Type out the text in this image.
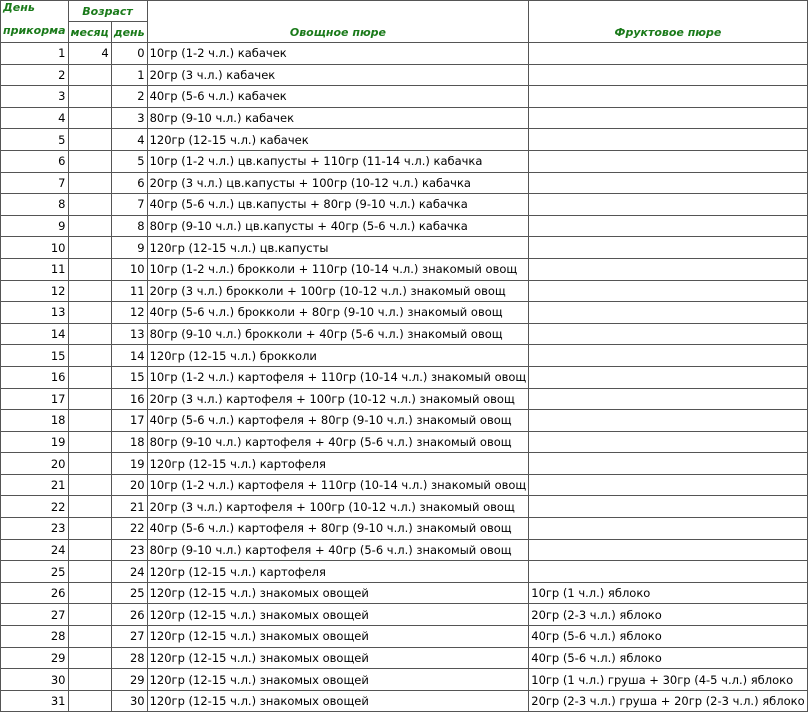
День
прикорма	Возраст		Овощное пюре	Фруктовое пюре
	месяц	день		
1	4	0	10гр (1-2 ч.л.) кабачек	
2		1	20гр (3 ч.л.) кабачек	
3		2	40гр (5-6 ч.л.) кабачек	
4		3	80гр (9-10 ч.л.) кабачек	
5		4	120гр (12-15 ч.л.) кабачек	
6		5	10гр (1-2 ч.л.) цв.капусты + 110гр (11-14 ч.л.) кабачка	
7		6	20гр (3 ч.л.) цв.капусты + 100гр (10-12 ч.л.) кабачка	
8		7	40гр (5-6 ч.л.) цв.капусты + 80гр (9-10 ч.л.) кабачка	
9		8	80гр (9-10 ч.л.) цв.капусты + 40гр (5-6 ч.л.) кабачка	
10		9	120гр (12-15 ч.л.) цв.капусты	
11		10	10гр (1-2 ч.л.) брокколи + 110гр (10-14 ч.л.) знакомый овощ	
12		11	20гр (3 ч.л.) брокколи + 100гр (10-12 ч.л.) знакомый овощ	
13		12	40гр (5-6 ч.л.) брокколи + 80гр (9-10 ч.л.) знакомый овощ	
14		13	80гр (9-10 ч.л.) брокколи + 40гр (5-6 ч.л.) знакомый овощ	
15		14	120гр (12-15 ч.л.) брокколи	
16		15	10гр (1-2 ч.л.) картофеля + 110гр (10-14 ч.л.) знакомый овощ	
17		16	20гр (3 ч.л.) картофеля + 100гр (10-12 ч.л.) знакомый овощ	
18		17	40гр (5-6 ч.л.) картофеля + 80гр (9-10 ч.л.) знакомый овощ	
19		18	80гр (9-10 ч.л.) картофеля + 40гр (5-6 ч.л.) знакомый овощ	
20		19	120гр (12-15 ч.л.) картофеля	
21		20	10гр (1-2 ч.л.) картофеля + 110гр (10-14 ч.л.) знакомый овощ	
22		21	20гр (3 ч.л.) картофеля + 100гр (10-12 ч.л.) знакомый овощ	
23		22	40гр (5-6 ч.л.) картофеля + 80гр (9-10 ч.л.) знакомый овощ	
24		23	80гр (9-10 ч.л.) картофеля + 40гр (5-6 ч.л.) знакомый овощ	
25		24	120гр (12-15 ч.л.) картофеля	
26		25	120гр (12-15 ч.л.) знакомых овощей	10гр (1 ч.л.) яблоко
27		26	120гр (12-15 ч.л.) знакомых овощей	20гр (2-3 ч.л.) яблоко
28		27	120гр (12-15 ч.л.) знакомых овощей	40гр (5-6 ч.л.) яблоко
29		28	120гр (12-15 ч.л.) знакомых овощей	40гр (5-6 ч.л.) яблоко
30		29	120гр (12-15 ч.л.) знакомых овощей	10гр (1 ч.л.) груша + 30гр (4-5 ч.л.) яблоко
31		30	120гр (12-15 ч.л.) знакомых овощей	20гр (2-3 ч.л.) груша + 20гр (2-3 ч.л.) яблоко
